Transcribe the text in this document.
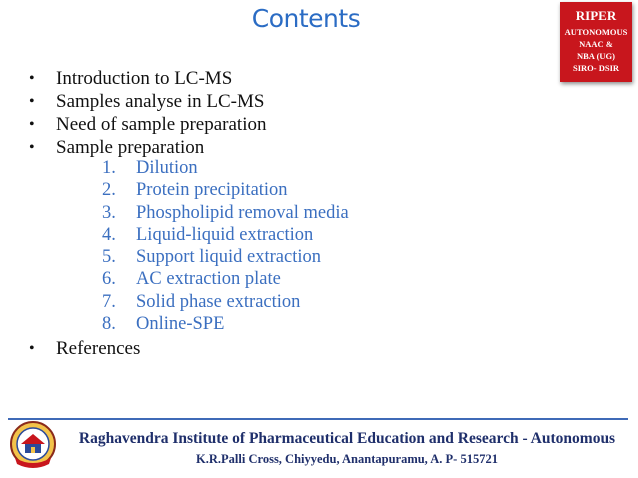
Contents	RIPER
AUTONOMOUS
NAAC &
NBA (UG)
SIRO- DSIR
• Introduction to LC-MS
• Samples analyse in LC-MS
• Need of sample preparation
• Sample preparation
1. Dilution
2. Protein precipitation
3. Phospholipid removal media
4. Liquid-liquid extraction
5. Support liquid extraction
6. AC extraction plate
7. Solid phase extraction
8. Online-SPE
• References
Raghavendra Institute of Pharmaceutical Education and Research - Autonomous
K.R.Palli Cross, Chiyyedu, Anantapuramu, A. P- 515721
